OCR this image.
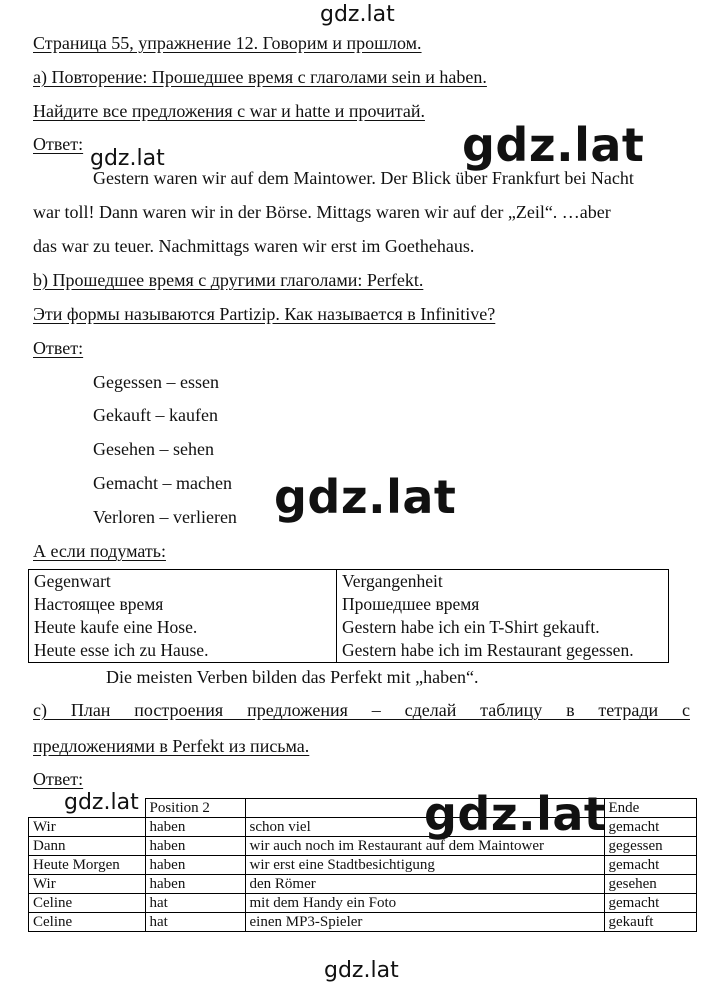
gdz.lat
gdz.lat
gdz.lat
gdz.lat
gdz.lat
gdz.lat
gdz.lat
Страница 55, упражнение 12. Говорим и прошлом.
а) Повторение: Прошедшее время с глаголами sein и haben.
Найдите все предложения с war и hatte и прочитай.
Ответ:
Gestern waren wir auf dem Maintower. Der Blick über Frankfurt bei Nacht
war toll! Dann waren wir in der Börse. Mittags waren wir auf der „Zeil“. …aber
das war zu teuer. Nachmittags waren wir erst im Goethehaus.
b) Прошедшее время с другими глаголами: Perfekt.
Эти формы называются Partizip. Как называется в Infinitive?
Ответ:
Gegessen – essen
Gekauft – kaufen
Gesehen – sehen
Gemacht – machen
Verloren – verlieren
А если подумать:
Gegenwart	Vergangenheit
Настоящее время	Прошедшее время
Heute kaufe eine Hose.	Gestern habe ich ein T-Shirt gekauft.
Heute esse ich zu Hause.	Gestern habe ich im Restaurant gegessen.
Die meisten Verben bilden das Perfekt mit „haben“.
с) План построения предложения – сделай таблицу в тетради с
предложениями в Perfekt из письма.
Ответ:
	Position 2		Ende
Wir	haben	schon viel	gemacht
Dann	haben	wir auch noch im Restaurant auf dem Maintower	gegessen
Heute Morgen	haben	wir erst eine Stadtbesichtigung	gemacht
Wir	haben	den Römer	gesehen
Celine	hat	mit dem Handy ein Foto	gemacht
Celine	hat	einen MP3-Spieler	gekauft
